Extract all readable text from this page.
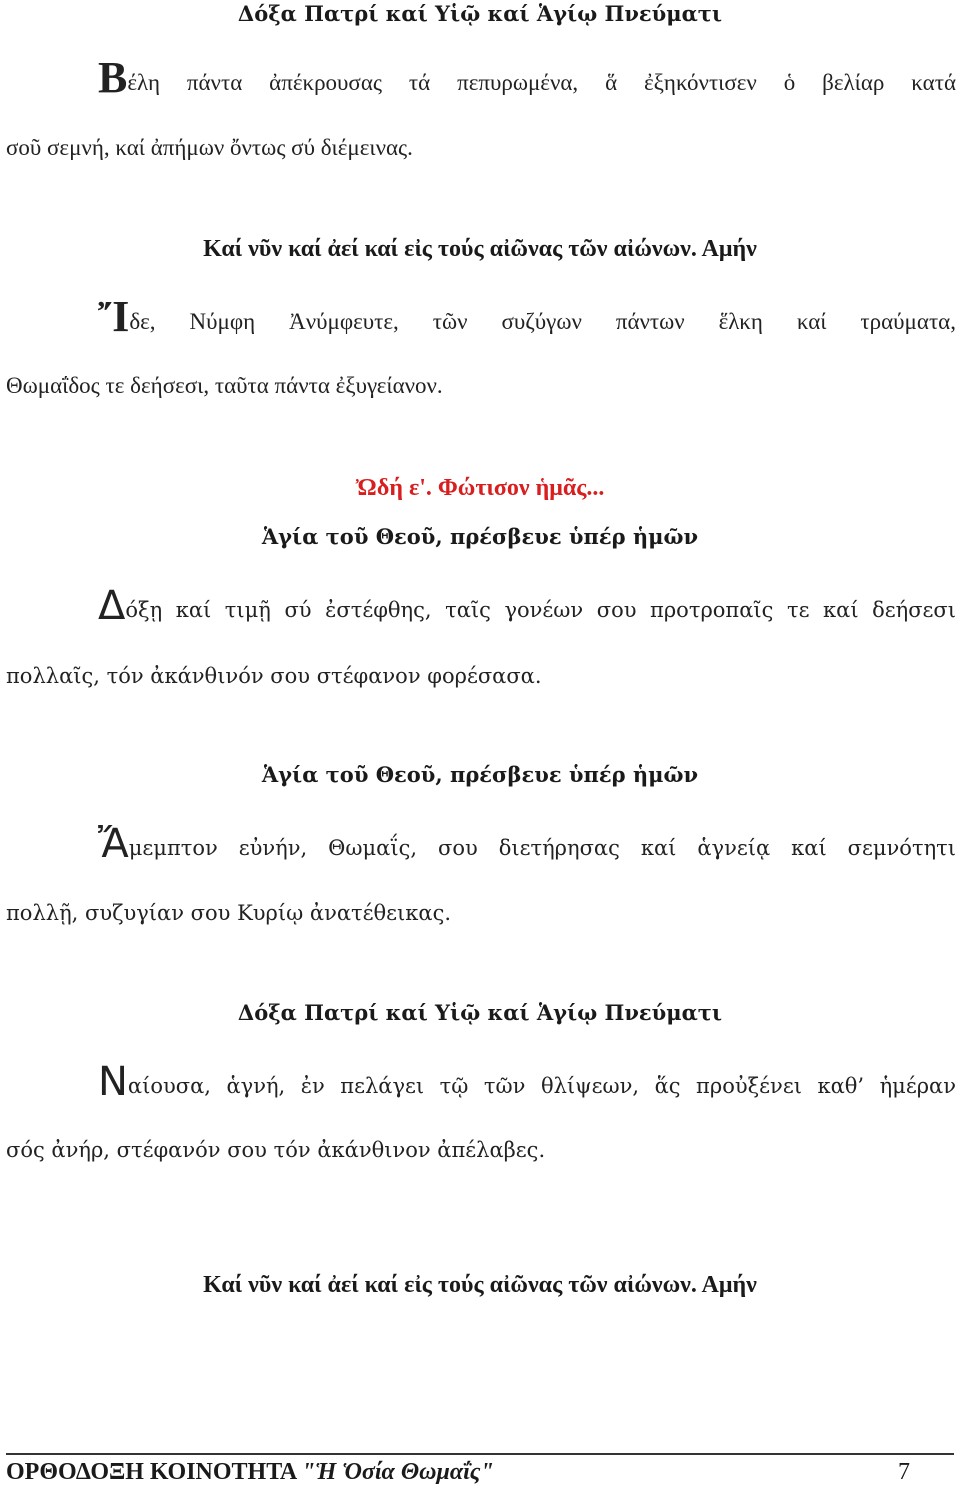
Δόξα Πατρί καί Υἱῷ καί Ἁγίῳ Πνεύματι
Βέλη πάντα ἀπέκρουσας τά πεπυρωμένα, ἅ ἐξηκόντισεν ὁ βελίαρ κατά
σοῦ σεμνή, καί ἀπήμων ὄντως σύ διέμεινας.
Καί νῦν καί ἀεί καί εἰς τούς αἰῶνας τῶν αἰώνων. Αμήν
Ἴδε, Νύμφη Ἀνύμφευτε, τῶν συζύγων πάντων ἕλκη καί τραύματα,
Θωμαΐδος τε δεήσεσι, ταῦτα πάντα ἐξυγείανον.
Ὠδή ε'. Φώτισον ἡμᾶς...
Ἁγία τοῦ Θεοῦ, πρέσβευε ὑπέρ ἡμῶν
Δόξῃ καί τιμῇ σύ ἐστέφθης, ταῖς γονέων σου προτροπαῖς τε καί δεήσεσι
πολλαῖς, τόν ἀκάνθινόν σου στέφανον φορέσασα.
Ἁγία τοῦ Θεοῦ, πρέσβευε ὑπέρ ἡμῶν
Ἄμεμπτον εὐνήν, Θωμαΐς, σου διετήρησας καί ἁγνείᾳ καί σεμνότητι
πολλῇ, συζυγίαν σου Κυρίῳ ἀνατέθεικας.
Δόξα Πατρί καί Υἱῷ καί Ἁγίῳ Πνεύματι
Ναίουσα, ἁγνή, ἐν πελάγει τῷ τῶν θλίψεων, ἅς προὐξένει καθ’ ἡμέραν
σός ἀνήρ, στέφανόν σου τόν ἀκάνθινον ἀπέλαβες.
Καί νῦν καί ἀεί καί εἰς τούς αἰῶνας τῶν αἰώνων. Αμήν
ΟΡΘΟΔΟΞΗ ΚΟΙΝΟΤΗΤΑ "Ἡ Ὁσία Θωμαΐς"	7
